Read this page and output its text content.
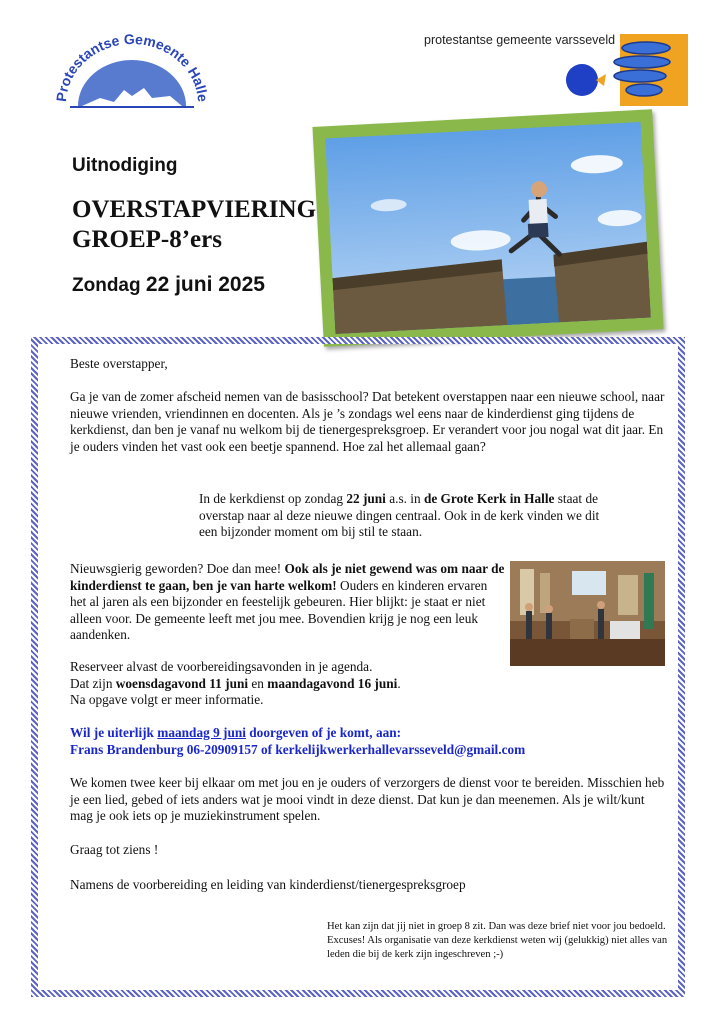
Protestantse Gemeente Halle
protestantse gemeente varsseveld
Uitnodiging
OVERSTAPVIERING
GROEP-8’ers
Zondag 22 juni 2025
Beste overstapper,
Ga je van de zomer afscheid nemen van de basisschool? Dat betekent overstappen naar een nieuwe school, naar nieuwe vrienden, vriendinnen en docenten. Als je ’s zondags wel eens naar de kinderdienst ging tijdens de kerkdienst, dan ben je vanaf nu welkom bij de tienergespreksgroep. Er verandert voor jou nogal wat dit jaar. En je ouders vinden het vast ook een beetje spannend. Hoe zal het allemaal gaan?
In de kerkdienst op zondag 22 juni a.s. in de Grote Kerk in Halle staat de overstap naar al deze nieuwe dingen centraal. Ook in de kerk vinden we dit een bijzonder moment om bij stil te staan.
Nieuwsgierig geworden? Doe dan mee! Ook als je niet gewend was om naar de kinderdienst te gaan, ben je van harte welkom! Ouders en kinderen ervaren het al jaren als een bijzonder en feestelijk gebeuren. Hier blijkt: je staat er niet alleen voor. De gemeente leeft met jou mee. Bovendien krijg je nog een leuk aandenken.
Reserveer alvast de voorbereidingsavonden in je agenda.
Dat zijn woensdagavond 11 juni en maandagavond 16 juni.
Na opgave volgt er meer informatie.
Wil je uiterlijk maandag 9 juni doorgeven of je komt, aan:
Frans Brandenburg 06-20909157 of kerkelijkwerkerhallevarsseveld@gmail.com
We komen twee keer bij elkaar om met jou en je ouders of verzorgers de dienst voor te bereiden. Misschien heb je een lied, gebed of iets anders wat je mooi vindt in deze dienst. Dat kun je dan meenemen. Als je wilt/kunt mag je ook iets op je muziekinstrument spelen.
Graag tot ziens !
Namens de voorbereiding en leiding van kinderdienst/tienergespreksgroep
Het kan zijn dat jij niet in groep 8 zit. Dan was deze brief niet voor jou bedoeld. Excuses! Als organisatie van deze kerkdienst weten wij (gelukkig) niet alles van leden die bij de kerk zijn ingeschreven ;-)
